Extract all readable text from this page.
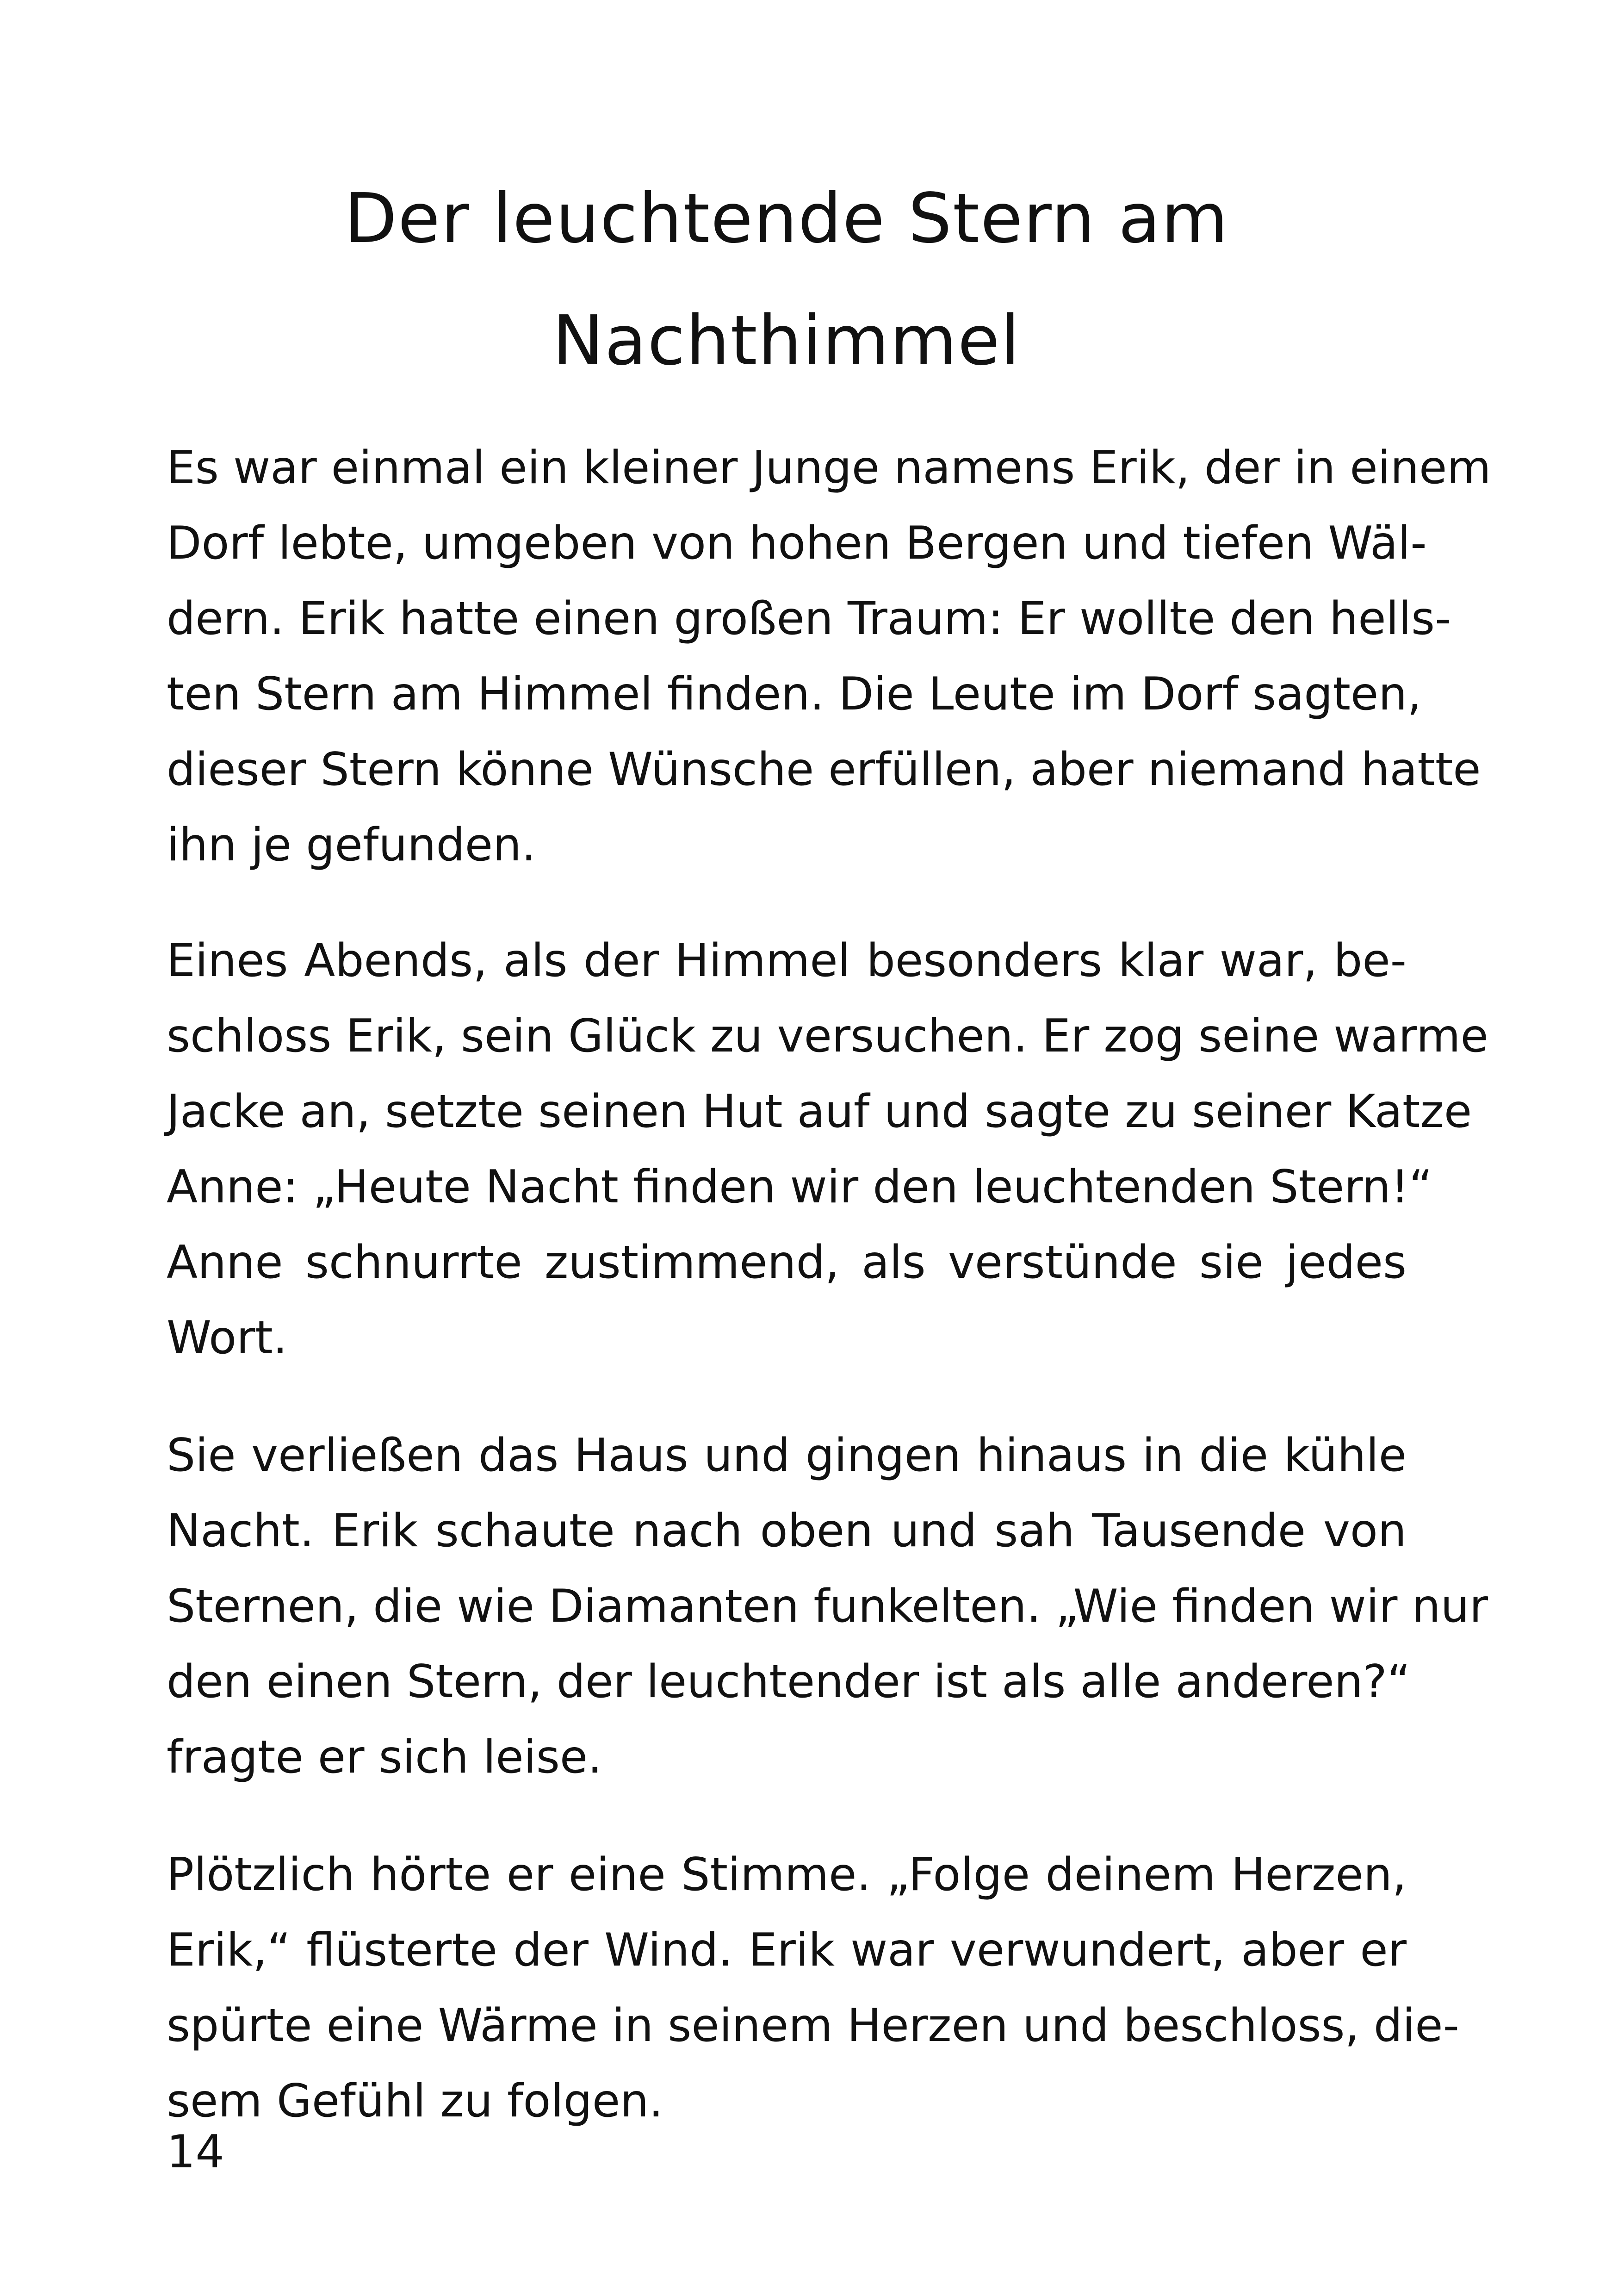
Der leuchtende Stern am
Nachthimmel

Es war einmal ein kleiner Junge namens Erik, der in einem
Dorf lebte, umgeben von hohen Bergen und tiefen Wäl-
dern. Erik hatte einen großen Traum: Er wollte den hells-
ten Stern am Himmel finden. Die Leute im Dorf sagten,
dieser Stern könne Wünsche erfüllen, aber niemand hatte
ihn je gefunden.

Eines Abends, als der Himmel besonders klar war, be-
schloss Erik, sein Glück zu versuchen. Er zog seine warme
Jacke an, setzte seinen Hut auf und sagte zu seiner Katze
Anne: „Heute Nacht finden wir den leuchtenden Stern!“
Anne schnurrte zustimmend, als verstünde sie jedes
Wort.

Sie verließen das Haus und gingen hinaus in die kühle
Nacht. Erik schaute nach oben und sah Tausende von
Sternen, die wie Diamanten funkelten. „Wie finden wir nur
den einen Stern, der leuchtender ist als alle anderen?“
fragte er sich leise.

Plötzlich hörte er eine Stimme. „Folge deinem Herzen,
Erik,“ flüsterte der Wind. Erik war verwundert, aber er
spürte eine Wärme in seinem Herzen und beschloss, die-
sem Gefühl zu folgen.

14
